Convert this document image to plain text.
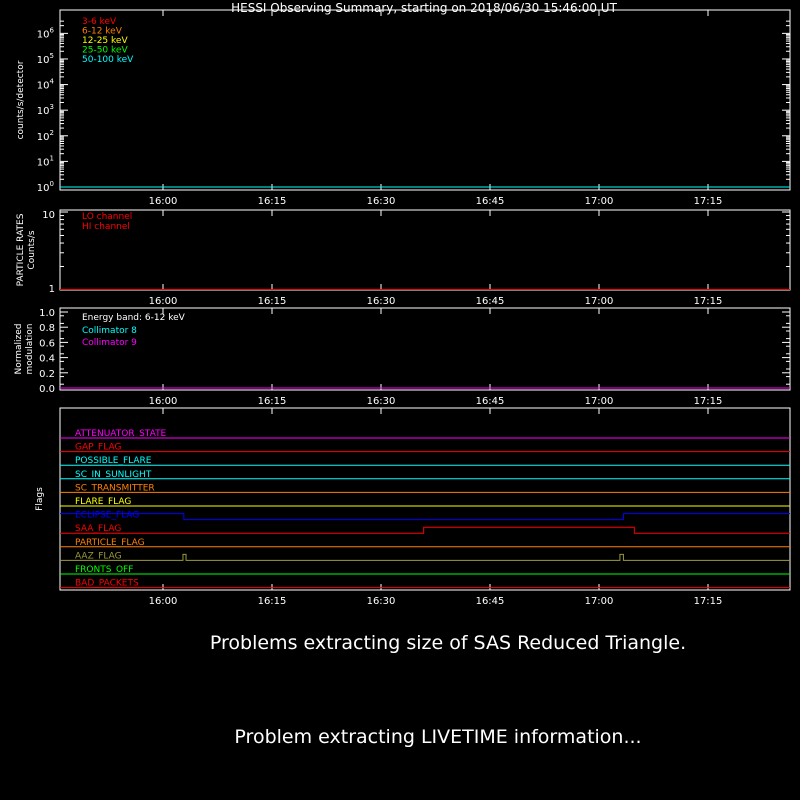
HESSI Observing Summary, starting on 2018/06/30 15:46:00 UT
$10^0$
$10^1$
$10^2$
$10^3$
$10^4$
$10^5$
$10^6$
16:00	16:15	16:30	16:45	17:00	17:15
counts/s/detector
3-6 keV
6-12 keV
12-25 keV
25-50 keV
50-100 keV
1
10
16:00	16:15	16:30	16:45	17:00	17:15
PARTICLE RATES Counts/s
LO channel
HI channel
0.0
0.2
0.4
0.6
0.8
1.0
16:00	16:15	16:30	16:45	17:00	17:15
Normalized modulation
Energy band: 6-12 keV
Collimator 8
Collimator 9
16:00	16:15	16:30	16:45	17:00	17:15
Flags
ATTENUATOR_STATE
GAP_FLAG
POSSIBLE_FLARE
SC_IN_SUNLIGHT
SC_TRANSMITTER
FLARE_FLAG
ECLIPSE_FLAG
SAA_FLAG
PARTICLE_FLAG
AAZ_FLAG
FRONTS_OFF
BAD_PACKETS
Problems extracting size of SAS Reduced Triangle.
Problem extracting LIVETIME information...
